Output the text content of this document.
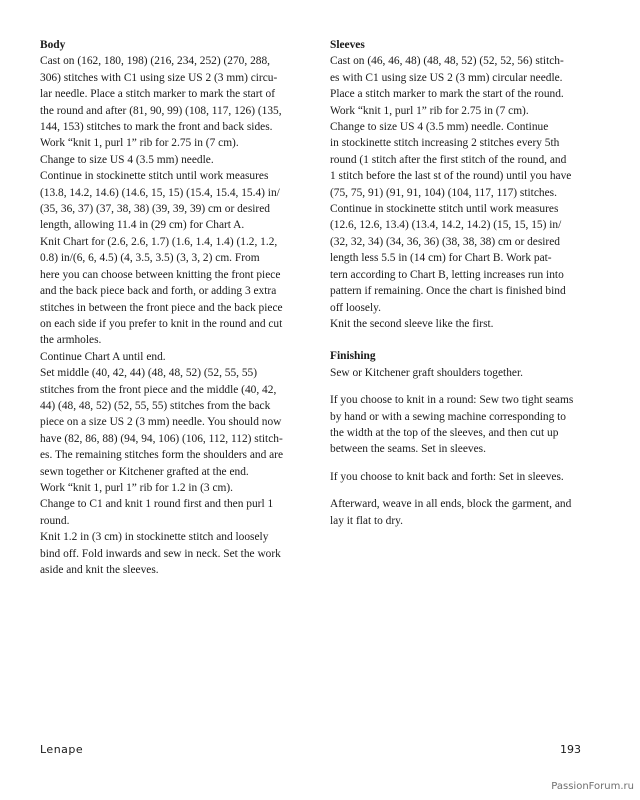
Body

Cast on (162, 180, 198) (216, 234, 252) (270, 288,

306) stitches with C1 using size US 2 (3 mm) circu-

lar needle. Place a stitch marker to mark the start of

the round and after (81, 90, 99) (108, 117, 126) (135,

144, 153) stitches to mark the front and back sides.

Work “knit 1, purl 1” rib for 2.75 in (7 cm).

Change to size US 4 (3.5 mm) needle.

Continue in stockinette stitch until work measures

(13.8, 14.2, 14.6) (14.6, 15, 15) (15.4, 15.4, 15.4) in/

(35, 36, 37) (37, 38, 38) (39, 39, 39) cm or desired

length, allowing 11.4 in (29 cm) for Chart A.

Knit Chart for (2.6, 2.6, 1.7) (1.6, 1.4, 1.4) (1.2, 1.2,

0.8) in/(6, 6, 4.5) (4, 3.5, 3.5) (3, 3, 2) cm. From

here you can choose between knitting the front piece

and the back piece back and forth, or adding 3 extra

stitches in between the front piece and the back piece

on each side if you prefer to knit in the round and cut

the armholes.

Continue Chart A until end.

Set middle (40, 42, 44) (48, 48, 52) (52, 55, 55)

stitches from the front piece and the middle (40, 42,

44) (48, 48, 52) (52, 55, 55) stitches from the back

piece on a size US 2 (3 mm) needle. You should now

have (82, 86, 88) (94, 94, 106) (106, 112, 112) stitch-

es. The remaining stitches form the shoulders and are

sewn together or Kitchener grafted at the end.

Work “knit 1, purl 1” rib for 1.2 in (3 cm).

Change to C1 and knit 1 round first and then purl 1

round.

Knit 1.2 in (3 cm) in stockinette stitch and loosely

bind off. Fold inwards and sew in neck. Set the work

aside and knit the sleeves.

Sleeves

Cast on (46, 46, 48) (48, 48, 52) (52, 52, 56) stitch-

es with C1 using size US 2 (3 mm) circular needle.

Place a stitch marker to mark the start of the round.

Work “knit 1, purl 1” rib for 2.75 in (7 cm).

Change to size US 4 (3.5 mm) needle. Continue

in stockinette stitch increasing 2 stitches every 5th

round (1 stitch after the first stitch of the round, and

1 stitch before the last st of the round) until you have

(75, 75, 91) (91, 91, 104) (104, 117, 117) stitches.

Continue in stockinette stitch until work measures

(12.6, 12.6, 13.4) (13.4, 14.2, 14.2) (15, 15, 15) in/

(32, 32, 34) (34, 36, 36) (38, 38, 38) cm or desired

length less 5.5 in (14 cm) for Chart B. Work pat-

tern according to Chart B, letting increases run into

pattern if remaining. Once the chart is finished bind

off loosely.

Knit the second sleeve like the first.

Finishing

Sew or Kitchener graft shoulders together.

If you choose to knit in a round: Sew two tight seams

by hand or with a sewing machine corresponding to

the width at the top of the sleeves, and then cut up

between the seams. Set in sleeves.

If you choose to knit back and forth: Set in sleeves.

Afterward, weave in all ends, block the garment, and

lay it flat to dry.

Lenape	193
PassionForum.ru
